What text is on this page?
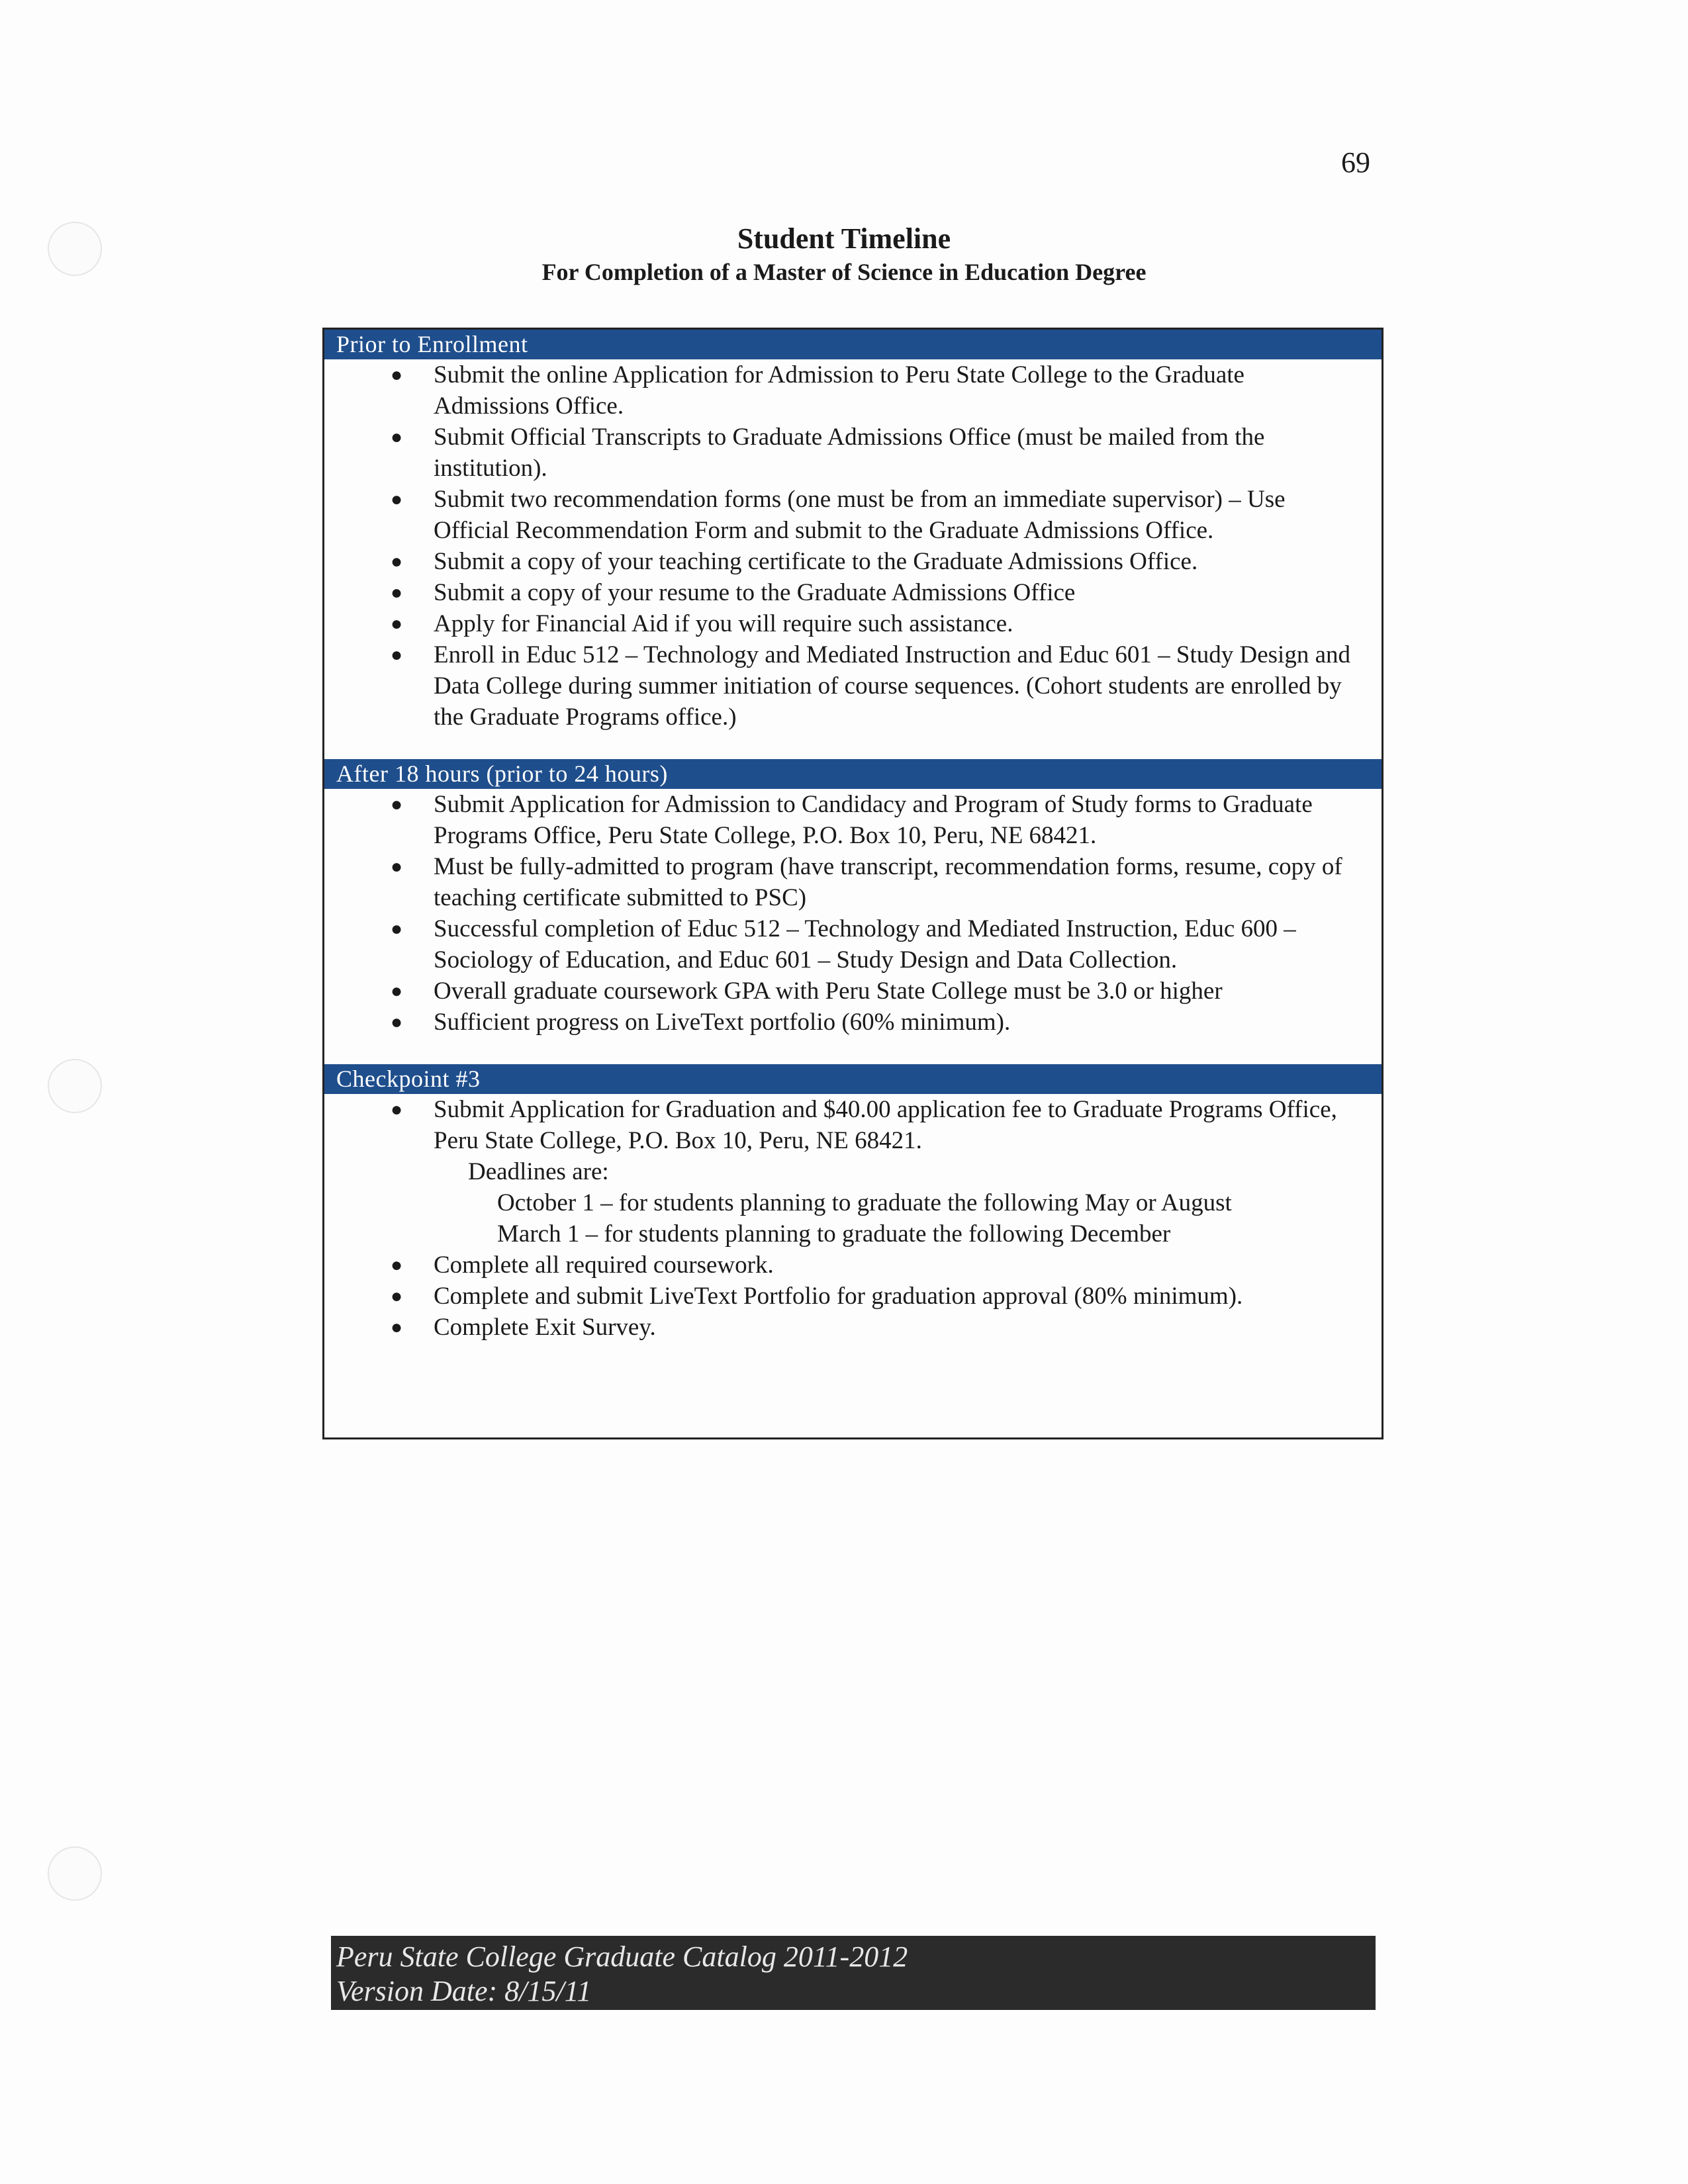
69
Student Timeline
For Completion of a Master of Science in Education Degree
Prior to Enrollment
● Submit the online Application for Admission to Peru State College to the Graduate Admissions Office.
● Submit Official Transcripts to Graduate Admissions Office (must be mailed from the institution).
● Submit two recommendation forms (one must be from an immediate supervisor) – Use Official Recommendation Form and submit to the Graduate Admissions Office.
● Submit a copy of your teaching certificate to the Graduate Admissions Office.
● Submit a copy of your resume to the Graduate Admissions Office
● Apply for Financial Aid if you will require such assistance.
● Enroll in Educ 512 – Technology and Mediated Instruction and Educ 601 – Study Design and Data College during summer initiation of course sequences. (Cohort students are enrolled by the Graduate Programs office.)
After 18 hours (prior to 24 hours)
● Submit Application for Admission to Candidacy and Program of Study forms to Graduate Programs Office, Peru State College, P.O. Box 10, Peru, NE 68421.
● Must be fully-admitted to program (have transcript, recommendation forms, resume, copy of teaching certificate submitted to PSC)
● Successful completion of Educ 512 – Technology and Mediated Instruction, Educ 600 – Sociology of Education, and Educ 601 – Study Design and Data Collection.
● Overall graduate coursework GPA with Peru State College must be 3.0 or higher
● Sufficient progress on LiveText portfolio (60% minimum).
Checkpoint #3
● Submit Application for Graduation and $40.00 application fee to Graduate Programs Office, Peru State College, P.O. Box 10, Peru, NE 68421.
Deadlines are:
October 1 – for students planning to graduate the following May or August
March 1 – for students planning to graduate the following December
● Complete all required coursework.
● Complete and submit LiveText Portfolio for graduation approval (80% minimum).
● Complete Exit Survey.
Peru State College Graduate Catalog 2011-2012
Version Date: 8/15/11
